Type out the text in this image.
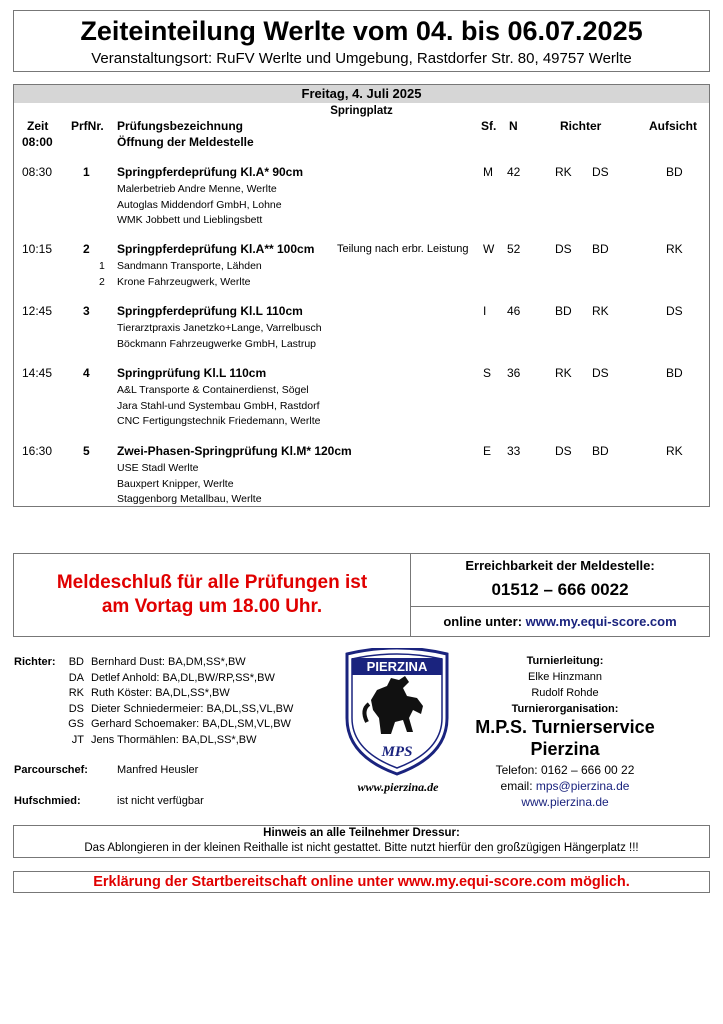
Zeiteinteilung Werlte vom 04. bis 06.07.2025
Veranstaltungsort: RuFV Werlte und Umgebung, Rastdorfer Str. 80, 49757 Werlte
Freitag, 4. Juli 2025
Springplatz
Zeit PrfNr. Prüfungsbezeichnung	Sf. N	Richter	Aufsicht
08:00	Öffnung der Meldestelle
08:30	1 Springpferdeprüfung Kl.A* 90cm	M 42	RK DS	BD
Malerbetrieb Andre Menne, Werlte
Autoglas Middendorf GmbH, Lohne
WMK Jobbett und Lieblingsbett
10:15	2 Springpferdeprüfung Kl.A** 100cm Teilung nach erbr. Leistung W 52	DS BD	RK
1 Sandmann Transporte, Lähden
2 Krone Fahrzeugwerk, Werlte
12:45	3 Springpferdeprüfung Kl.L 110cm	I 46	BD RK	DS
Tierarztpraxis Janetzko+Lange, Varrelbusch
Böckmann Fahrzeugwerke GmbH, Lastrup
14:45	4 Springprüfung Kl.L 110cm	S 36	RK DS	BD
A&L Transporte & Containerdienst, Sögel
Jara Stahl-und Systembau GmbH, Rastdorf
CNC Fertigungstechnik Friedemann, Werlte
16:30	5 Zwei-Phasen-Springprüfung Kl.M* 120cm	E 33	DS BD	RK
USE Stadl Werlte
Bauxpert Knipper, Werlte
Staggenborg Metallbau, Werlte
Meldeschluß für alle Prüfungen ist
am Vortag um 18.00 Uhr.
Erreichbarkeit der Meldestelle:
01512 – 666 0022
online unter: www.my.equi-score.com
Richter: BD Bernhard Dust: BA,DM,SS*,BW
DA Detlef Anhold: BA,DL,BW/RP,SS*,BW
RK Ruth Köster: BA,DL,SS*,BW
DS Dieter Schniedermeier: BA,DL,SS,VL,BW
GS Gerhard Schoemaker: BA,DL,SM,VL,BW
JT Jens Thormählen: BA,DL,SS*,BW
Parcourschef:	Manfred Heusler
Hufschmied:	ist nicht verfügbar
PIERZINA
MPS
www.pierzina.de
Turnierleitung:
Elke Hinzmann
Rudolf Rohde
Turnierorganisation:
M.P.S. Turnierservice
Pierzina
Telefon: 0162 – 666 00 22
email: mps@pierzina.de
www.pierzina.de
Hinweis an alle Teilnehmer Dressur:
Das Ablongieren in der kleinen Reithalle ist nicht gestattet. Bitte nutzt hierfür den großzügigen Hängerplatz !!!
Erklärung der Startbereitschaft online unter www.my.equi-score.com möglich.
